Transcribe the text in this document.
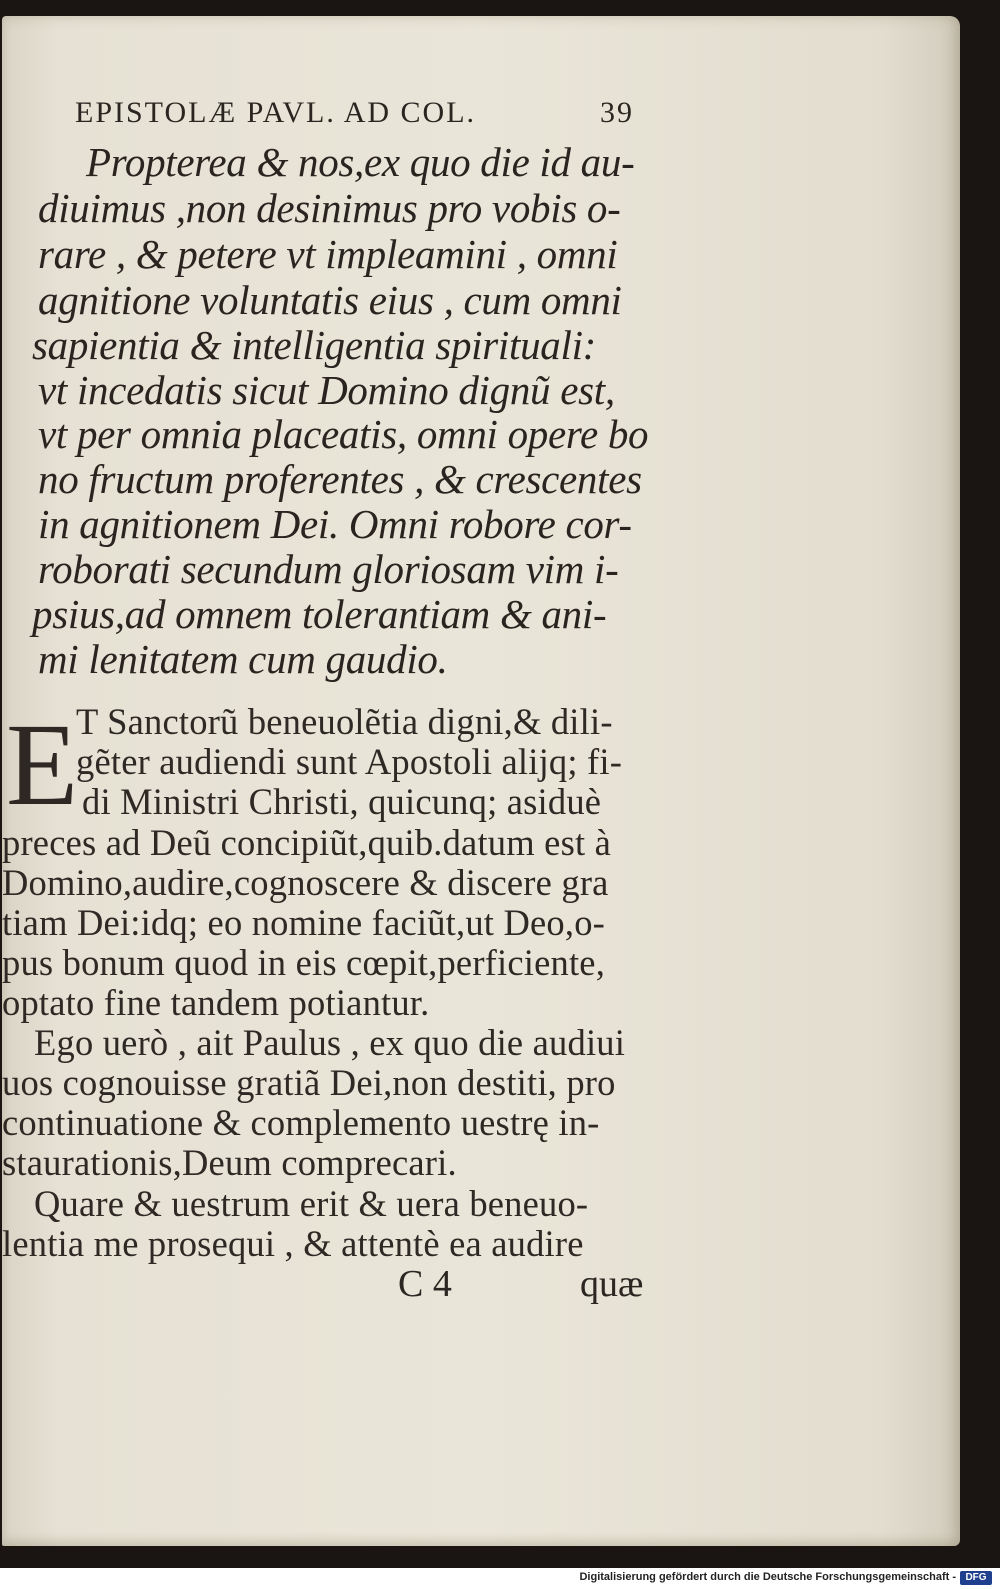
EPISTOLÆ PAVL. AD COL.	39
Propterea & nos,ex quo die id au-
diuimus ,non desinimus pro vobis o-
rare , & petere vt impleamini , omni
agnitione voluntatis eius , cum omni
sapientia & intelligentia spirituali:
vt incedatis sicut Domino dignũ est,
vt per omnia placeatis, omni opere bo
no fructum proferentes , & crescentes
in agnitionem Dei. Omni robore cor-
roborati secundum gloriosam vim i-
psius,ad omnem tolerantiam & ani-
mi lenitatem cum gaudio.
E
T Sanctorũ beneuolẽtia digni,& dili-
gẽter audiendi sunt Apostoli alijq; fi-
di Ministri Christi, quicunq; asiduè
preces ad Deũ concipiũt,quib.datum est à
Domino,audire,cognoscere & discere gra
tiam Dei:idq; eo nomine faciũt,ut Deo,o-
pus bonum quod in eis cœpit,perficiente,
optato fine tandem potiantur.
Ego uerò , ait Paulus , ex quo die audiui
uos cognouisse gratiã Dei,non destiti, pro
continuatione & complemento uestrę in-
staurationis,Deum comprecari.
Quare & uestrum erit & uera beneuo-
lentia me prosequi , & attentè ea audire
C 4	quæ
Digitalisierung gefördert durch die Deutsche Forschungsgemeinschaft - DFG
